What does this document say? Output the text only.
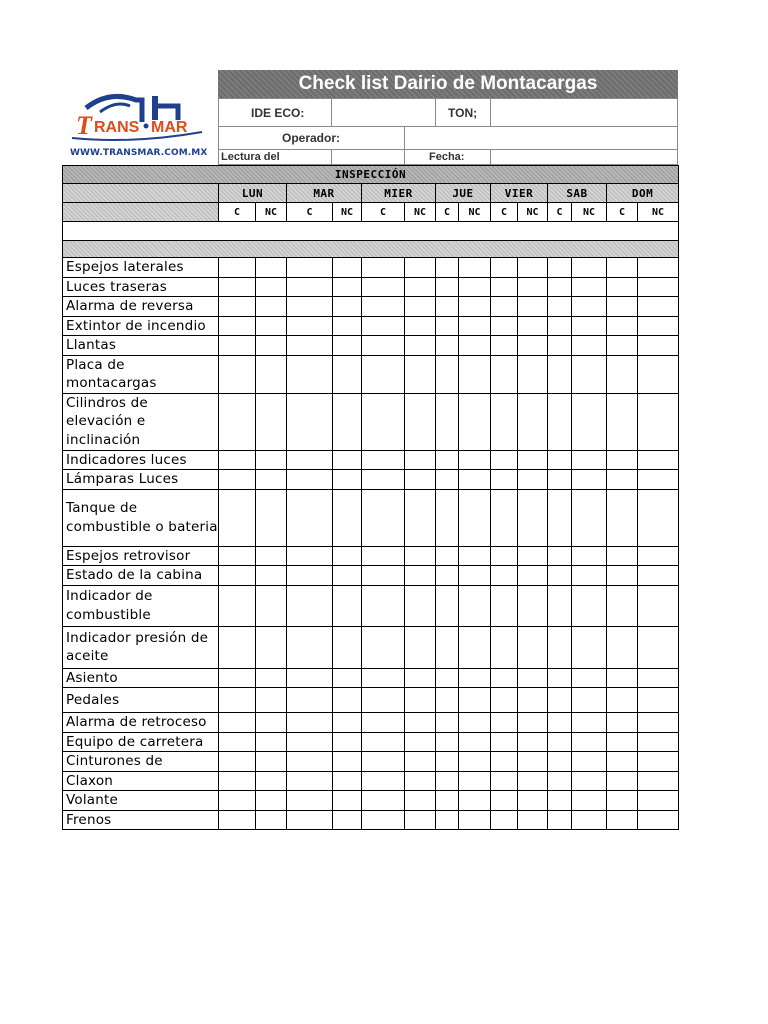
T RANS MAR
WWW.TRANSMAR.COM.MX
Check list Dairio de Montacargas
IDE ECO:	TON;
Operador:
Lectura del	Fecha:
INSPECCIÓN														
	LUN		MAR		MIER		JUE		VIER		SAB		DOM	
	C	NC	C	NC	C	NC	C	NC	C	NC	C	NC	C	NC

Espejos laterales														
Luces traseras														
Alarma de reversa														
Extintor de incendio														
Llantas														
Placa de montacargas														
Cilindros de elevación e inclinación														
Indicadores luces														
Lámparas Luces														
Tanque de combustible o bateria														
Espejos retrovisor														
Estado de la cabina														
Indicador de combustible														
Indicador presión de aceite														
Asiento														
Pedales														
Alarma de retroceso														
Equipo de carretera														
Cinturones de														
Claxon														
Volante														
Frenos														
